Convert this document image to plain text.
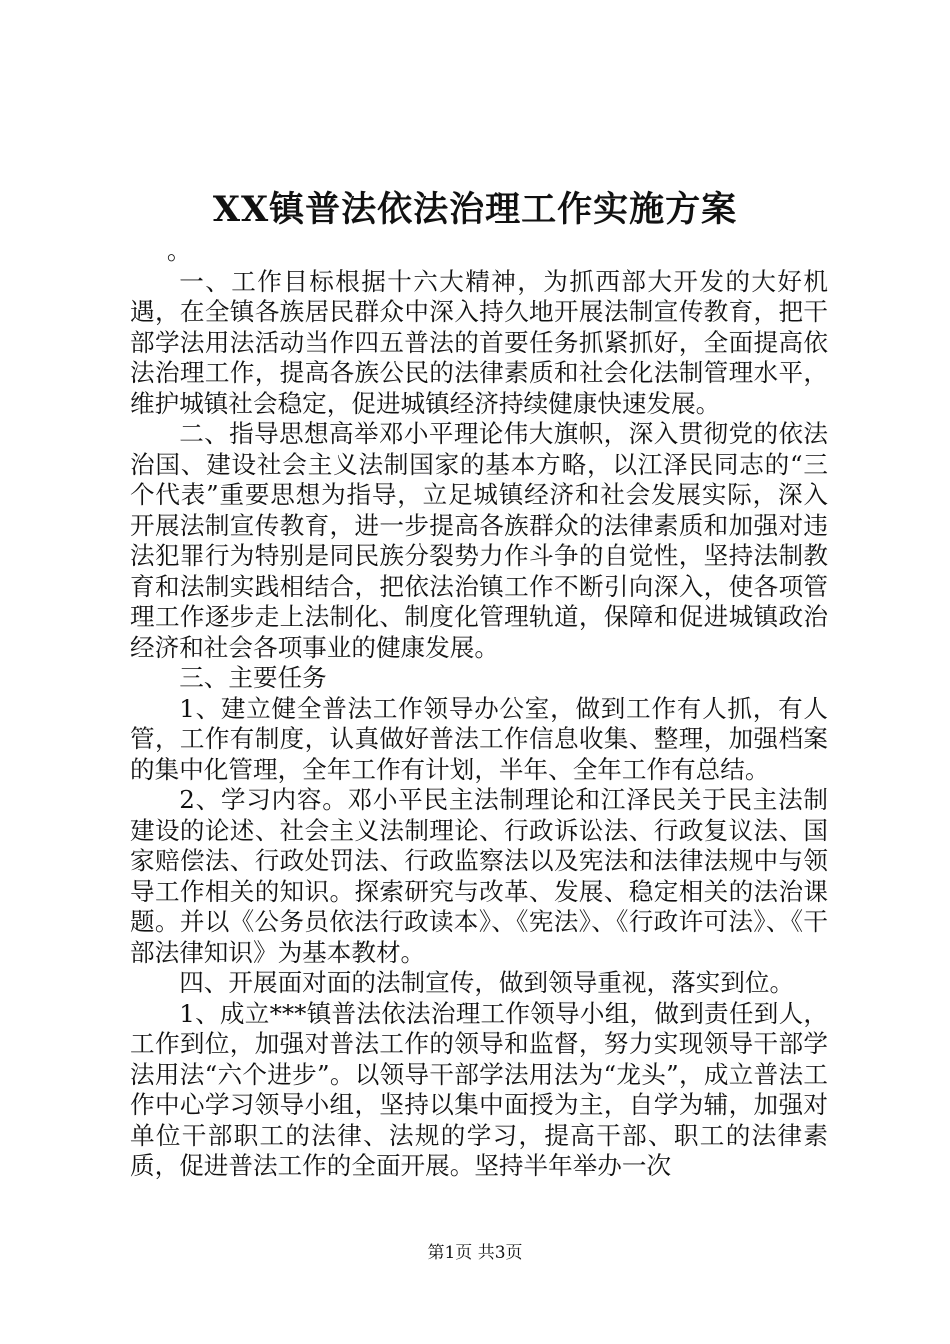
XX镇普法依法治理工作实施方案

。

一、工作目标根据十六大精神，为抓西部大开发的大好机遇，在全镇各族居民群众中深入持久地开展法制宣传教育，把干部学法用法活动当作四五普法的首要任务抓紧抓好，全面提高依法治理工作，提高各族公民的法律素质和社会化法制管理水平，维护城镇社会稳定，促进城镇经济持续健康快速发展。

二、指导思想高举邓小平理论伟大旗帜，深入贯彻党的依法治国、建设社会主义法制国家的基本方略，以江泽民同志的“三个代表”重要思想为指导，立足城镇经济和社会发展实际，深入开展法制宣传教育，进一步提高各族群众的法律素质和加强对违法犯罪行为特别是同民族分裂势力作斗争的自觉性，坚持法制教育和法制实践相结合，把依法治镇工作不断引向深入，使各项管理工作逐步走上法制化、制度化管理轨道，保障和促进城镇政治经济和社会各项事业的健康发展。

三、主要任务

1、建立健全普法工作领导办公室，做到工作有人抓，有人管，工作有制度，认真做好普法工作信息收集、整理，加强档案的集中化管理，全年工作有计划，半年、全年工作有总结。

2、学习内容。邓小平民主法制理论和江泽民关于民主法制建设的论述、社会主义法制理论、行政诉讼法、行政复议法、国家赔偿法、行政处罚法、行政监察法以及宪法和法律法规中与领导工作相关的知识。探索研究与改革、发展、稳定相关的法治课题。并以《公务员依法行政读本》、《宪法》、《行政许可法》、《干部法律知识》为基本教材。

四、开展面对面的法制宣传，做到领导重视，落实到位。

1、成立***镇普法依法治理工作领导小组，做到责任到人，工作到位，加强对普法工作的领导和监督，努力实现领导干部学法用法“六个进步”。以领导干部学法用法为“龙头”，成立普法工作中心学习领导小组，坚持以集中面授为主，自学为辅，加强对单位干部职工的法律、法规的学习，提高干部、职工的法律素质，促进普法工作的全面开展。坚持半年举办一次

第1页 共3页
